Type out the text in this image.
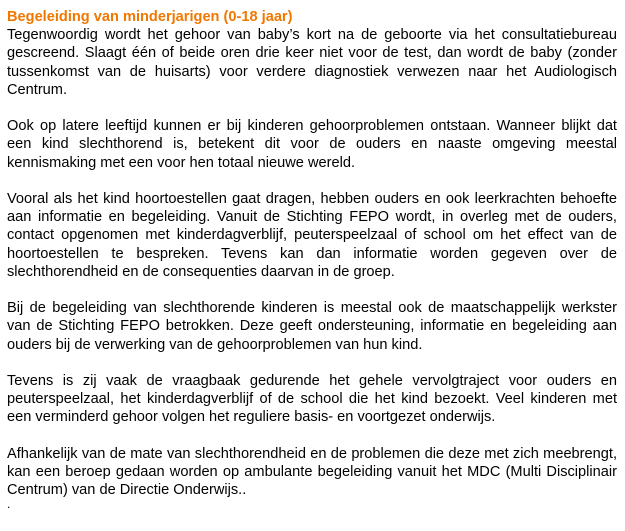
Begeleiding van minderjarigen (0-18 jaar)

Tegenwoordig wordt het gehoor van baby’s kort na de geboorte via het consultatiebureau gescreend. Slaagt één of beide oren drie keer niet voor de test, dan wordt de baby (zonder tussenkomst van de huisarts) voor verdere diagnostiek verwezen naar het Audiologisch Centrum.

Ook op latere leeftijd kunnen er bij kinderen gehoorproblemen ontstaan. Wanneer blijkt dat een kind slechthorend is, betekent dit voor de ouders en naaste omgeving meestal kennismaking met een voor hen totaal nieuwe wereld.

Vooral als het kind hoortoestellen gaat dragen, hebben ouders en ook leerkrachten behoefte aan informatie en begeleiding. Vanuit de Stichting FEPO wordt, in overleg met de ouders, contact opgenomen met kinderdagverblijf, peuterspeelzaal of school om het effect van de hoortoestellen te bespreken. Tevens kan dan informatie worden gegeven over de slechthorendheid en de consequenties daarvan in de groep.

Bij de begeleiding van slechthorende kinderen is meestal ook de maatschappelijk werkster van de Stichting FEPO betrokken. Deze geeft ondersteuning, informatie en begeleiding aan ouders bij de verwerking van de gehoorproblemen van hun kind.

Tevens is zij vaak de vraagbaak gedurende het gehele vervolgtraject voor ouders en peuterspeelzaal, het kinderdagverblijf of de school die het kind bezoekt. Veel kinderen met een verminderd gehoor volgen het reguliere basis- en voortgezet onderwijs.

Afhankelijk van de mate van slechthorendheid en de problemen die deze met zich meebrengt, kan een beroep gedaan worden op ambulante begeleiding vanuit het MDC (Multi Disciplinair Centrum) van de Directie Onderwijs..

.
